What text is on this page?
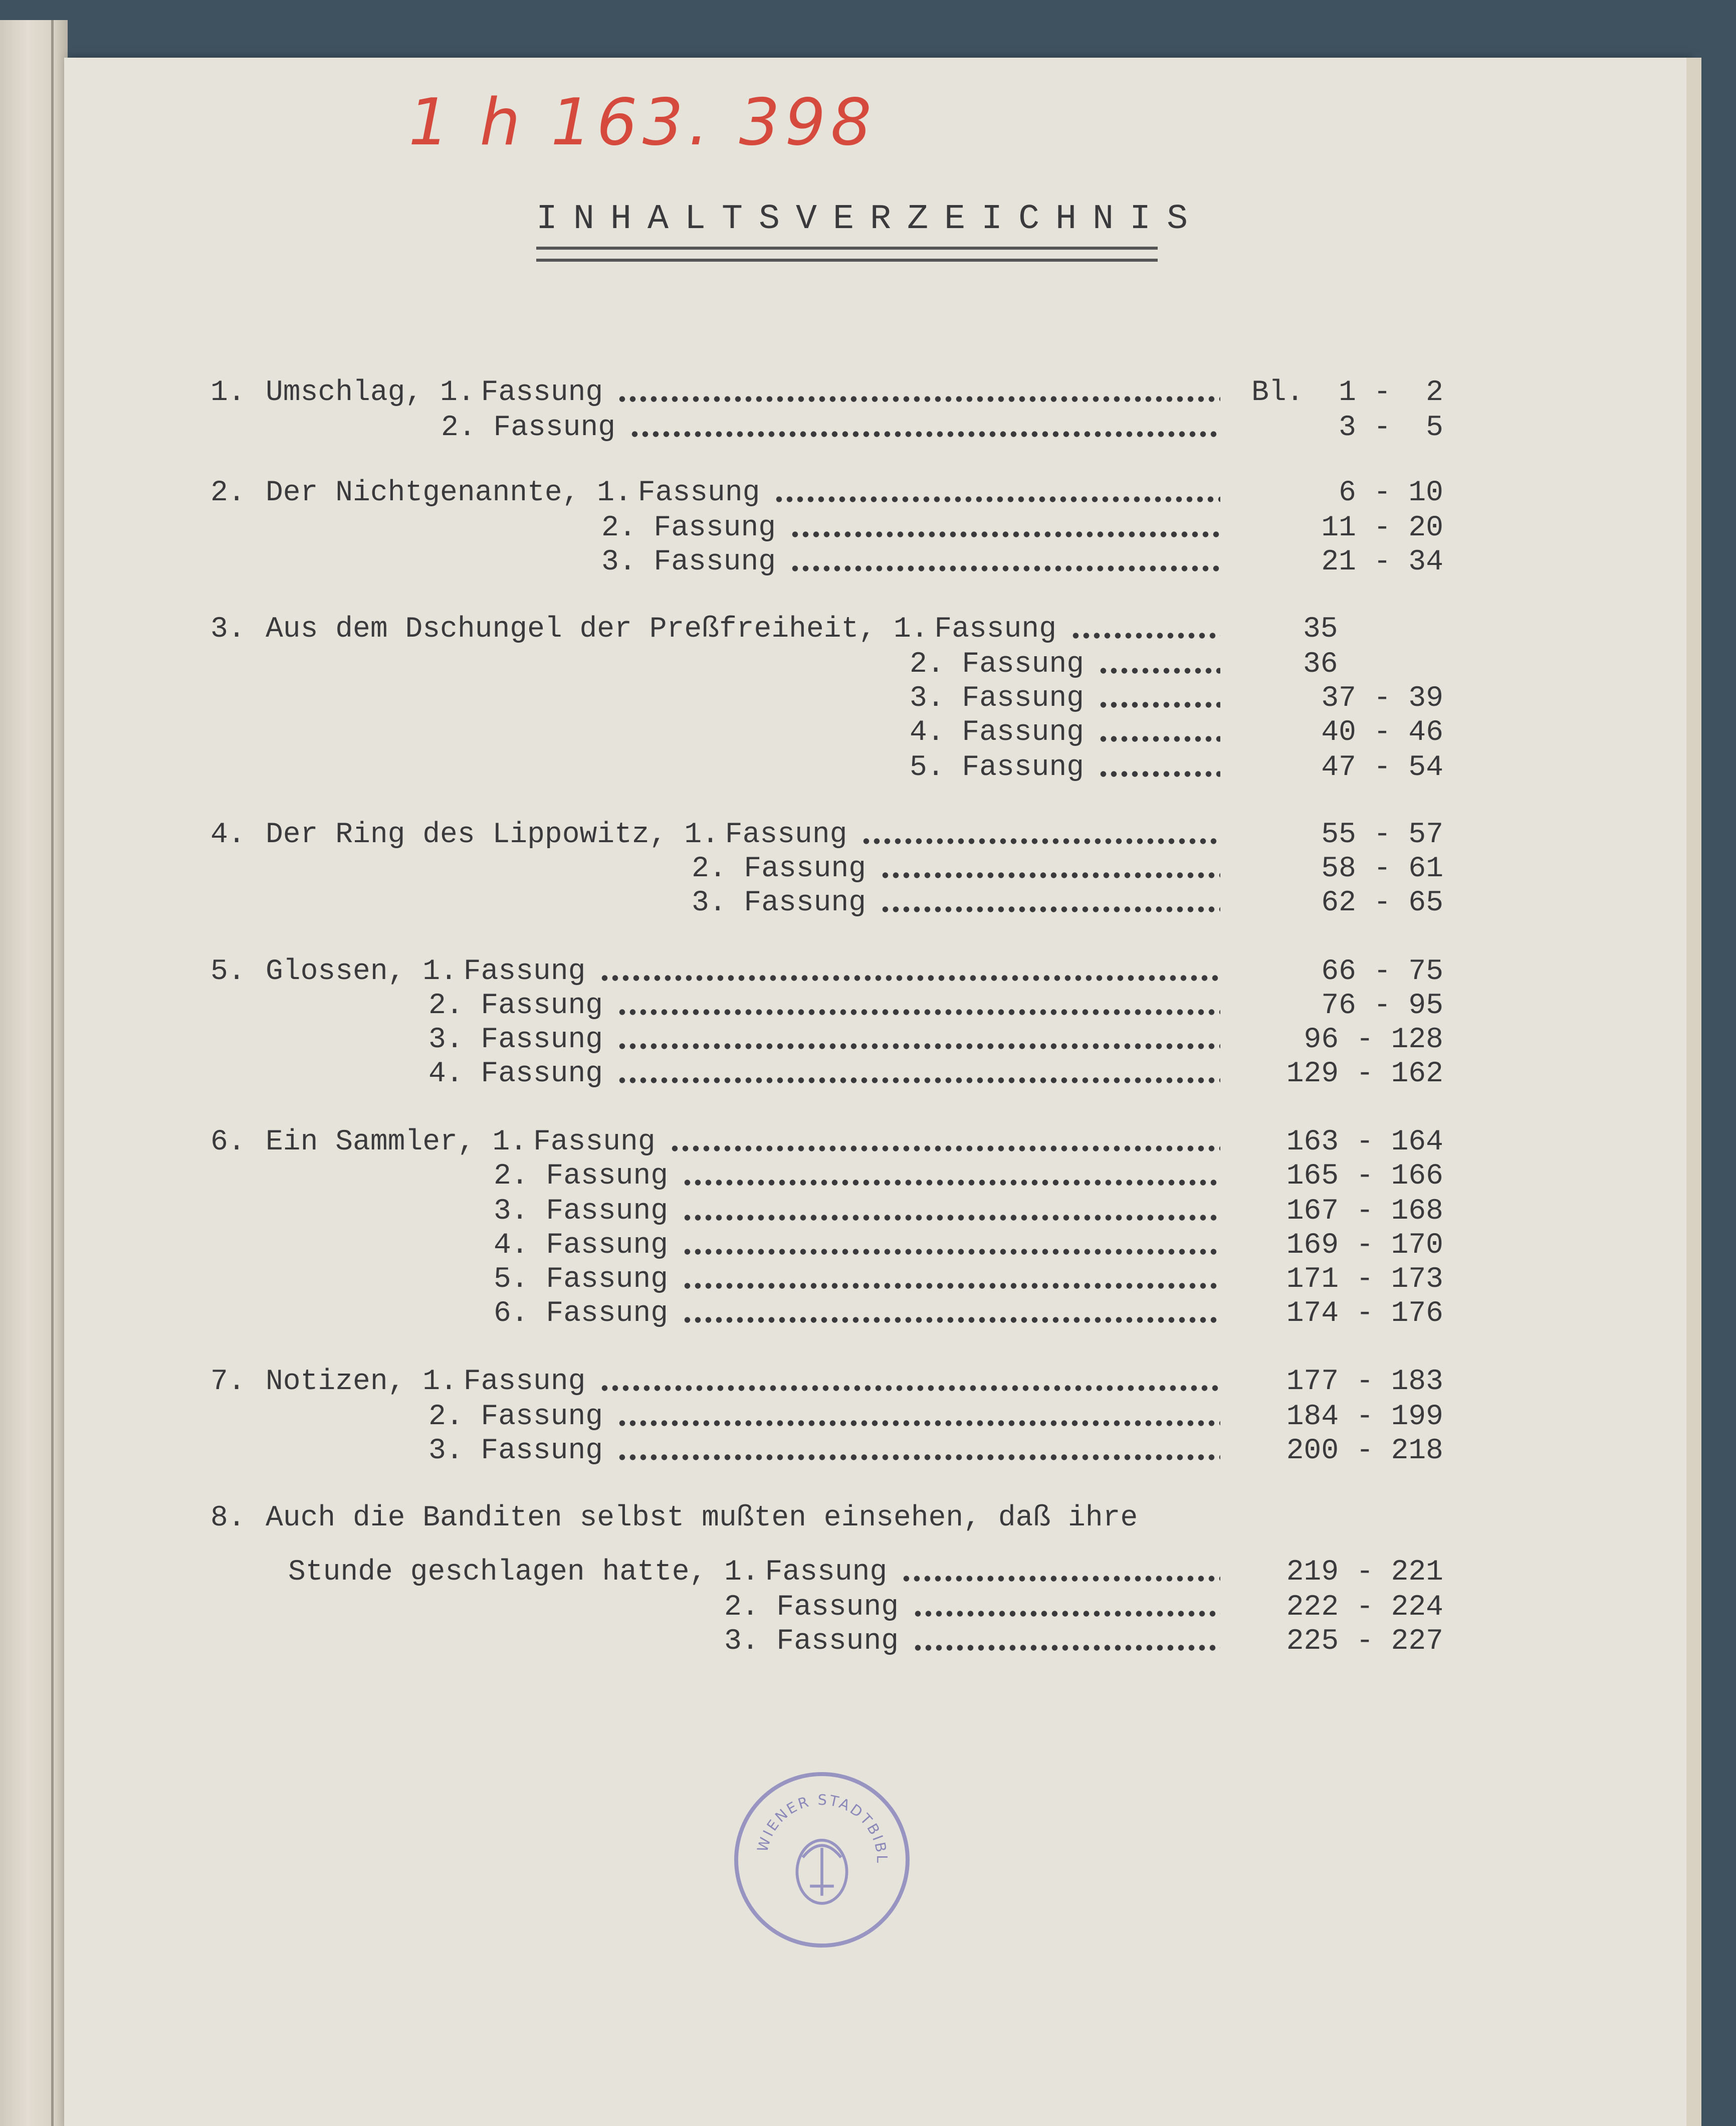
1 h 163. 398
INHALTSVERZEICHNIS
1. Umschlag, 1. Fassung	Bl.  1 -  2
2. Fassung	3 -  5
2. Der Nichtgenannte, 1. Fassung	6 - 10
2. Fassung	11 - 20
3. Fassung	21 - 34
3. Aus dem Dschungel der Preßfreiheit, 1. Fassung	35
2. Fassung	36
3. Fassung	37 - 39
4. Fassung	40 - 46
5. Fassung	47 - 54
4. Der Ring des Lippowitz, 1. Fassung	55 - 57
2. Fassung	58 - 61
3. Fassung	62 - 65
5. Glossen, 1. Fassung	66 - 75
2. Fassung	76 - 95
3. Fassung	96 - 128
4. Fassung	129 - 162
6. Ein Sammler, 1. Fassung	163 - 164
2. Fassung	165 - 166
3. Fassung	167 - 168
4. Fassung	169 - 170
5. Fassung	171 - 173
6. Fassung	174 - 176
7. Notizen, 1. Fassung	177 - 183
2. Fassung	184 - 199
3. Fassung	200 - 218
8. Auch die Banditen selbst mußten einsehen, daß ihre
Stunde geschlagen hatte, 1. Fassung	219 - 221
2. Fassung	222 - 224
3. Fassung	225 - 227
WIENER STADTBIBL
